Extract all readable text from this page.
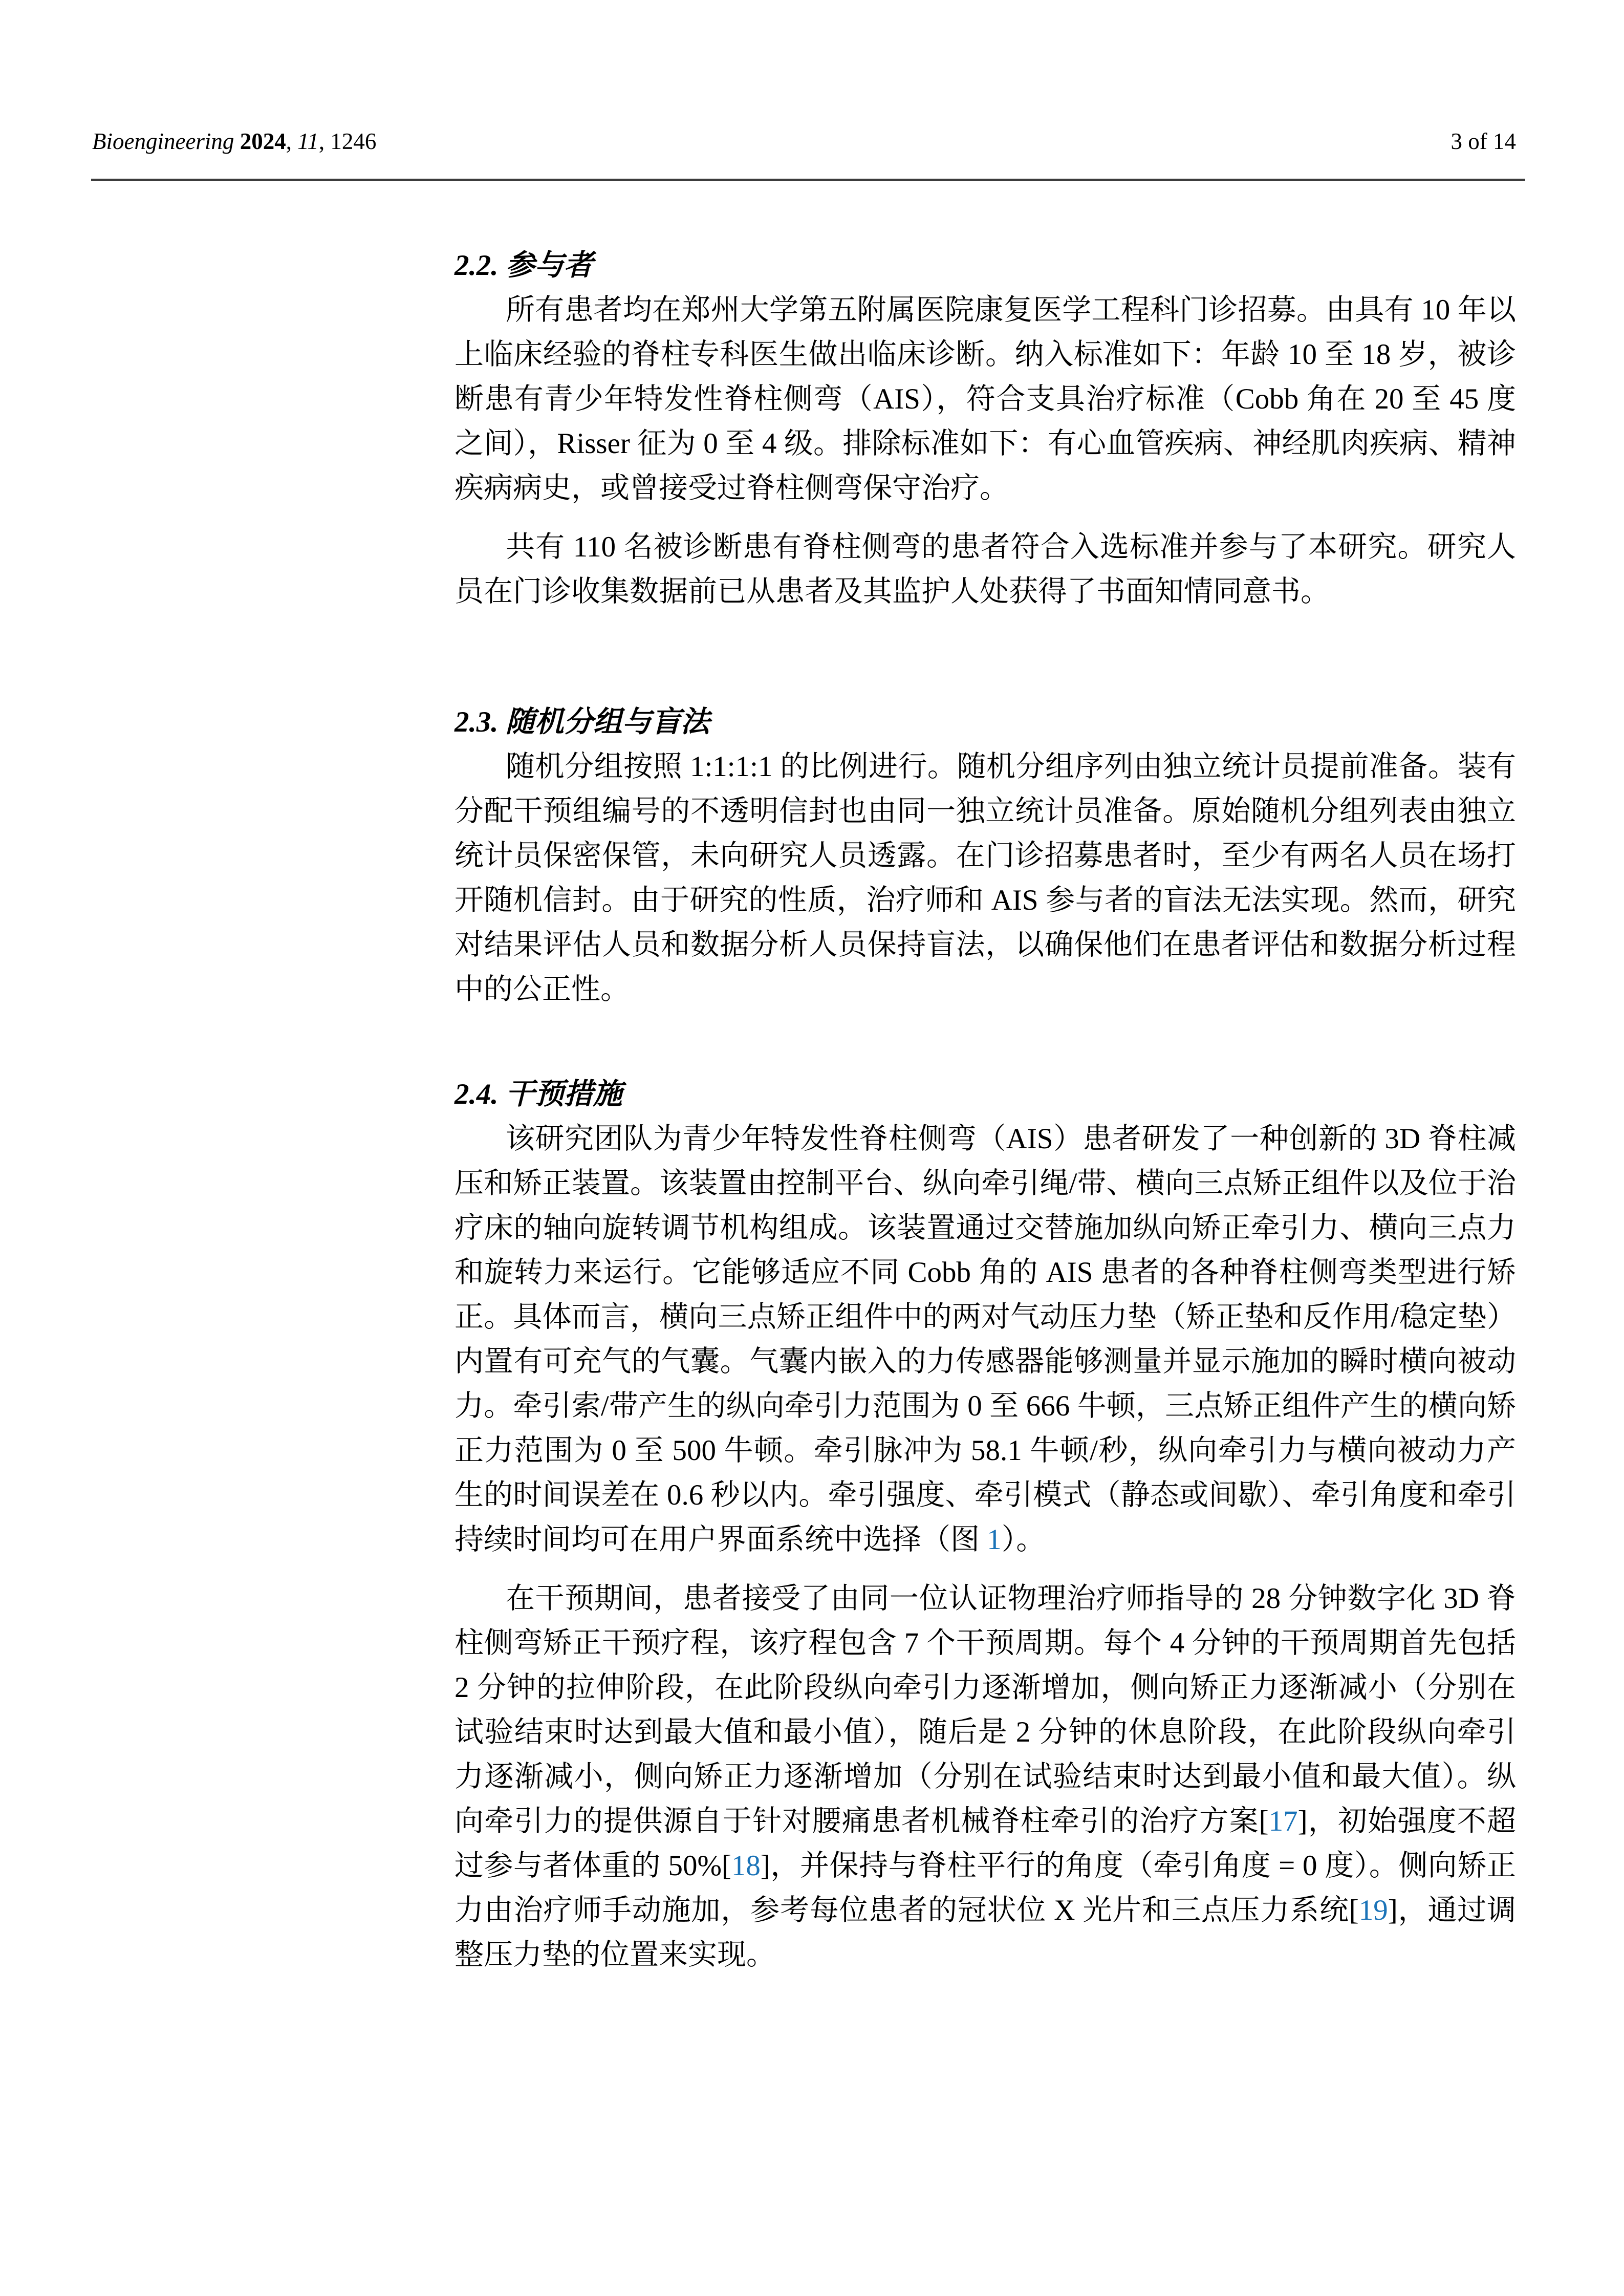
Bioengineering 2024, 11, 1246	3 of 14
2.2. 参与者

所有患者均在郑州大学第五附属医院康复医学工程科门诊招募。由具有 10 年以上临床经验的脊柱专科医生做出临床诊断。纳入标准如下：年龄 10 至 18 岁，被诊断患有青少年特发性脊柱侧弯（AIS），符合支具治疗标准（Cobb 角在 20 至 45 度之间），Risser 征为 0 至 4 级。排除标准如下：有心血管疾病、神经肌肉疾病、精神疾病病史，或曾接受过脊柱侧弯保守治疗。

共有 110 名被诊断患有脊柱侧弯的患者符合入选标准并参与了本研究。研究人员在门诊收集数据前已从患者及其监护人处获得了书面知情同意书。

2.3. 随机分组与盲法

随机分组按照 1:1:1:1 的比例进行。随机分组序列由独立统计员提前准备。装有分配干预组编号的不透明信封也由同一独立统计员准备。原始随机分组列表由独立统计员保密保管，未向研究人员透露。在门诊招募患者时，至少有两名人员在场打开随机信封。由于研究的性质，治疗师和 AIS 参与者的盲法无法实现。然而，研究对结果评估人员和数据分析人员保持盲法，以确保他们在患者评估和数据分析过程中的公正性。

2.4. 干预措施

该研究团队为青少年特发性脊柱侧弯（AIS）患者研发了一种创新的 3D 脊柱减压和矫正装置。该装置由控制平台、纵向牵引绳/带、横向三点矫正组件以及位于治疗床的轴向旋转调节机构组成。该装置通过交替施加纵向矫正牵引力、横向三点力和旋转力来运行。它能够适应不同 Cobb 角的 AIS 患者的各种脊柱侧弯类型进行矫正。具体而言，横向三点矫正组件中的两对气动压力垫（矫正垫和反作用/稳定垫）内置有可充气的气囊。气囊内嵌入的力传感器能够测量并显示施加的瞬时横向被动力。牵引索/带产生的纵向牵引力范围为 0 至 666 牛顿，三点矫正组件产生的横向矫正力范围为 0 至 500 牛顿。牵引脉冲为 58.1 牛顿/秒，纵向牵引力与横向被动力产生的时间误差在 0.6 秒以内。牵引强度、牵引模式（静态或间歇）、牵引角度和牵引持续时间均可在用户界面系统中选择（图 1）。

在干预期间，患者接受了由同一位认证物理治疗师指导的 28 分钟数字化 3D 脊柱侧弯矫正干预疗程，该疗程包含 7 个干预周期。每个 4 分钟的干预周期首先包括 2 分钟的拉伸阶段，在此阶段纵向牵引力逐渐增加，侧向矫正力逐渐减小（分别在试验结束时达到最大值和最小值），随后是 2 分钟的休息阶段，在此阶段纵向牵引力逐渐减小，侧向矫正力逐渐增加（分别在试验结束时达到最小值和最大值）。纵向牵引力的提供源自于针对腰痛患者机械脊柱牵引的治疗方案[17]，初始强度不超过参与者体重的 50%[18]，并保持与脊柱平行的角度（牵引角度 = 0 度）。侧向矫正力由治疗师手动施加，参考每位患者的冠状位 X 光片和三点压力系统[19]，通过调整压力垫的位置来实现。
